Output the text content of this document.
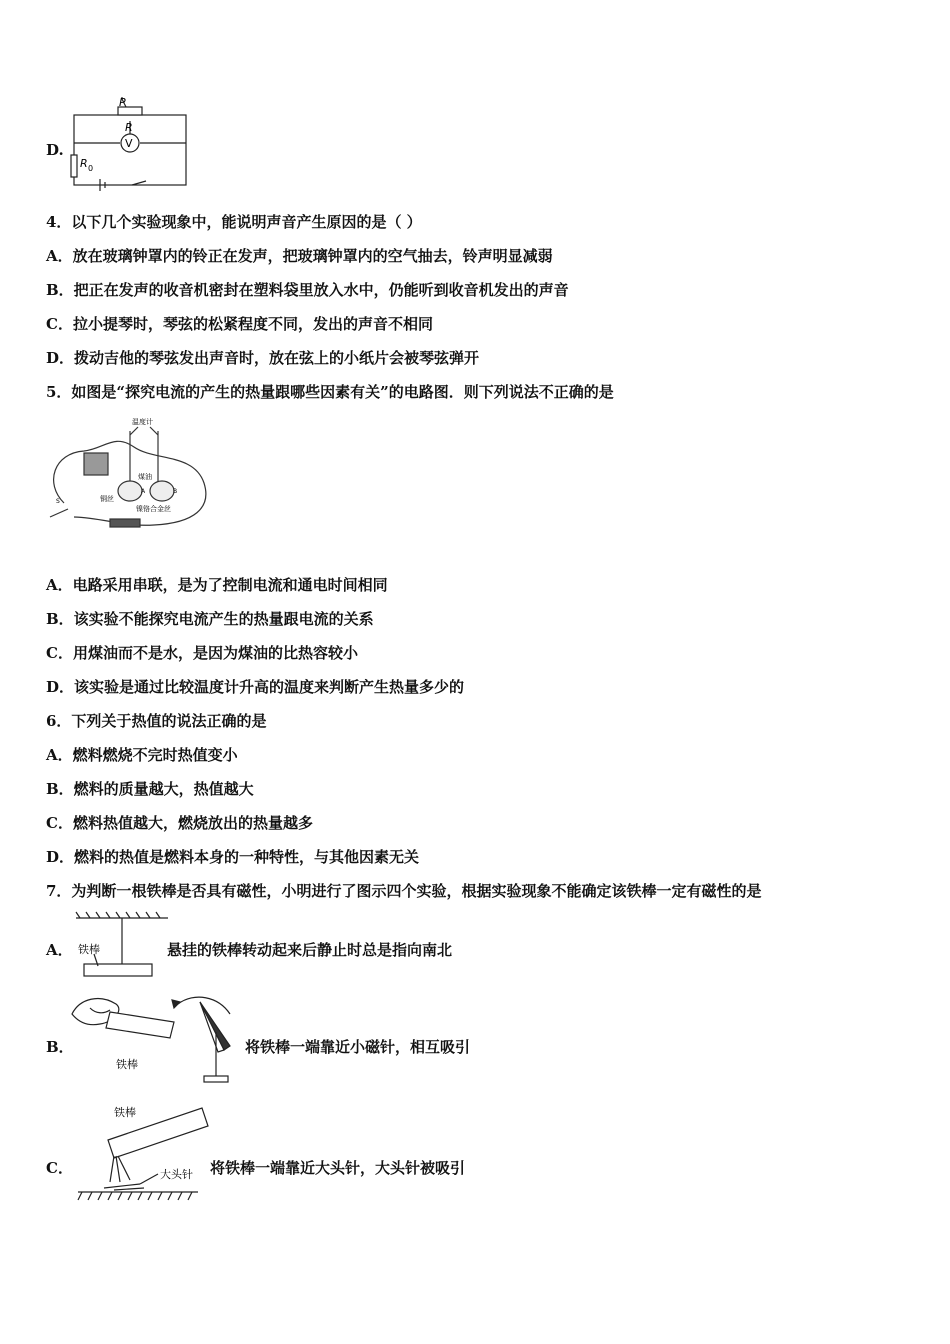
D.
P
R
V
R 0
4．以下几个实验现象中，能说明声音产生原因的是（ ）
A．放在玻璃钟罩内的铃正在发声，把玻璃钟罩内的空气抽去，铃声明显减弱
B．把正在发声的收音机密封在塑料袋里放入水中，仍能听到收音机发出的声音
C．拉小提琴时，琴弦的松紧程度不同，发出的声音不相同
D．拨动吉他的琴弦发出声音时，放在弦上的小纸片会被琴弦弹开
5．如图是“探究电流的产生的热量跟哪些因素有关”的电路图．则下列说法不正确的是
温度计
煤油
铜丝
镍铬合金丝
A	B
S
A．电路采用串联，是为了控制电流和通电时间相同
B．该实验不能探究电流产生的热量跟电流的关系
C．用煤油而不是水，是因为煤油的比热容较小
D．该实验是通过比较温度计升高的温度来判断产生热量多少的
6．下列关于热值的说法正确的是
A．燃料燃烧不完时热值变小
B．燃料的质量越大，热值越大
C．燃料热值越大，燃烧放出的热量越多
D．燃料的热值是燃料本身的一种特性，与其他因素无关
7．为判断一根铁棒是否具有磁性，小明进行了图示四个实验，根据实验现象不能确定该铁棒一定有磁性的是
A． 铁棒	悬挂的铁棒转动起来后静止时总是指向南北
B．
铁棒
将铁棒一端靠近小磁针，相互吸引
C．
铁棒
大头针 将铁棒一端靠近大头针，大头针被吸引
